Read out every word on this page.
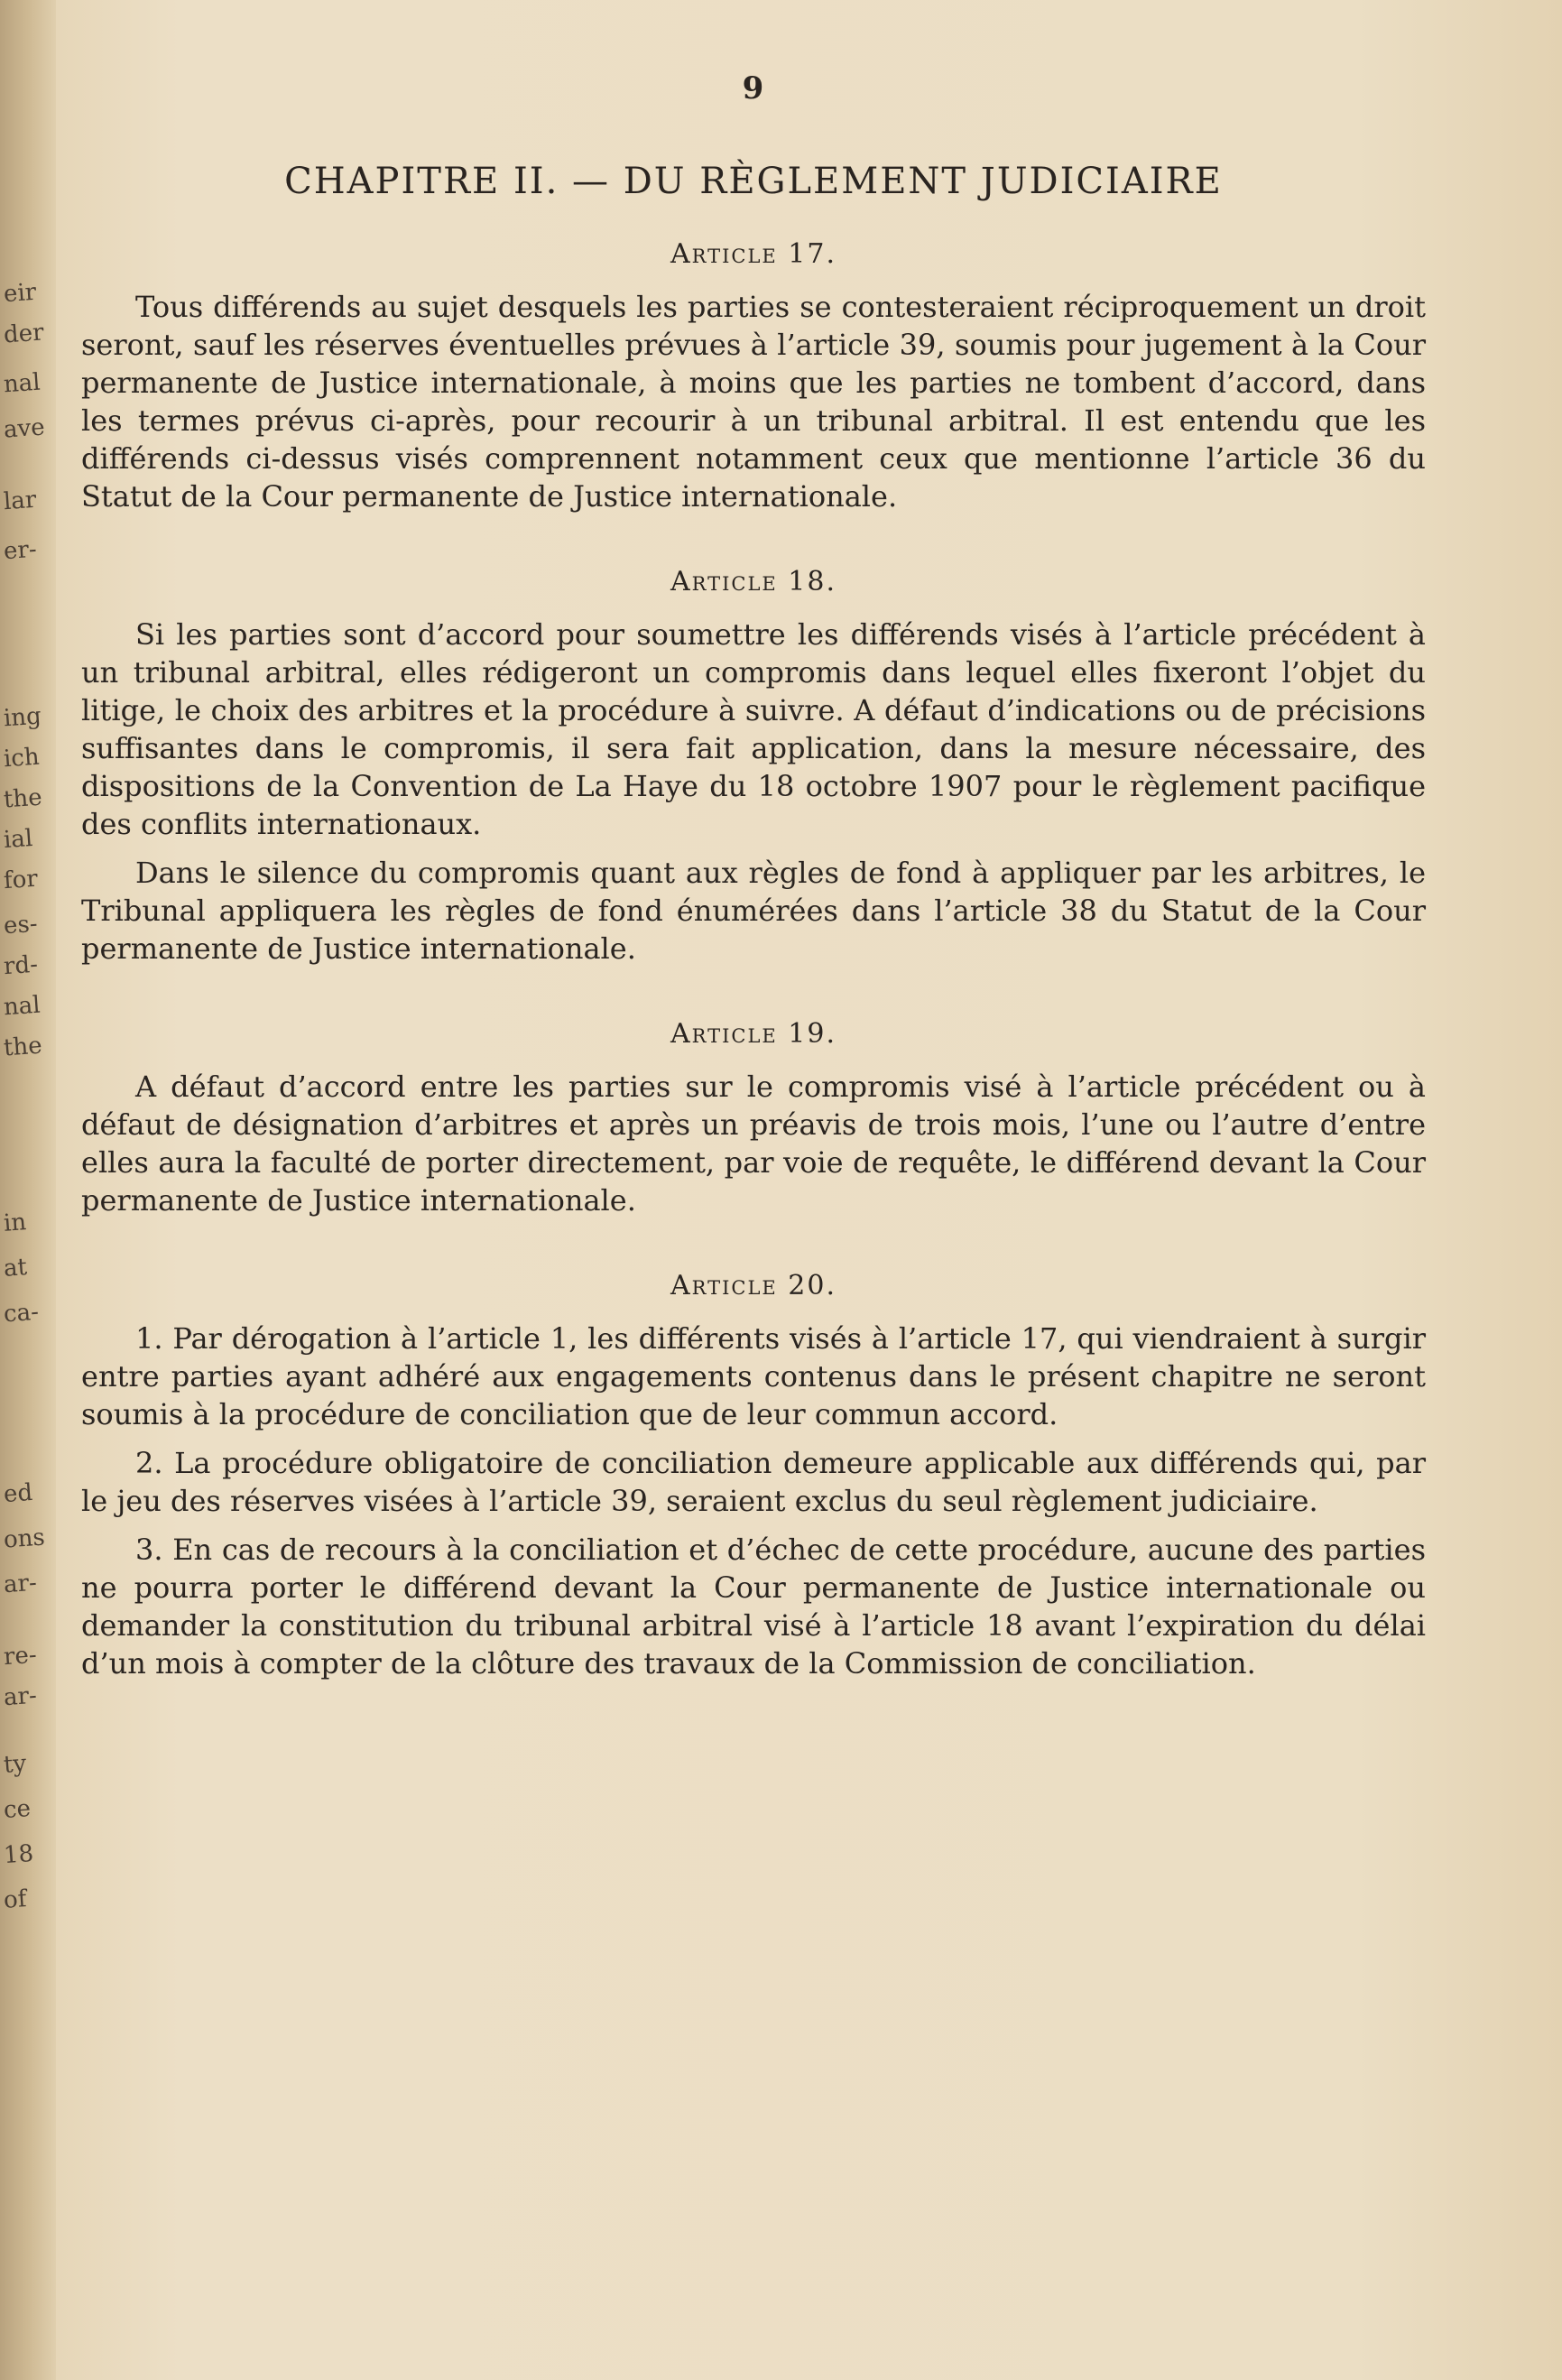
eir
der
nal
ave
lar
er-
ing
ich
the
ial
for
es-
rd-
nal
the
in
at
ca-
ed
ons
ar-
re-
ar-
ty
ce
18
of
9
CHAPITRE II. — DU RÈGLEMENT JUDICIAIRE
Article 17.

Tous différends au sujet desquels les parties se contesteraient réciproquement un droit seront, sauf les réserves éventuelles prévues à l’article 39, soumis pour jugement à la Cour permanente de Justice internationale, à moins que les parties ne tombent d’accord, dans les termes prévus ci-après, pour recourir à un tribunal arbitral. Il est entendu que les différends ci-dessus visés comprennent notamment ceux que mentionne l’article 36 du Statut de la Cour permanente de Justice internationale.

Article 18.

Si les parties sont d’accord pour soumettre les différends visés à l’article précédent à un tribunal arbitral, elles rédigeront un compromis dans lequel elles fixeront l’objet du litige, le choix des arbitres et la procédure à suivre. A défaut d’indications ou de précisions suffisantes dans le compromis, il sera fait application, dans la mesure nécessaire, des dispositions de la Convention de La Haye du 18 octobre 1907 pour le règlement pacifique des conflits internationaux.

Dans le silence du compromis quant aux règles de fond à appliquer par les arbitres, le Tribunal appliquera les règles de fond énumérées dans l’article 38 du Statut de la Cour permanente de Justice internationale.

Article 19.

A défaut d’accord entre les parties sur le compromis visé à l’article précédent ou à défaut de désignation d’arbitres et après un préavis de trois mois, l’une ou l’autre d’entre elles aura la faculté de porter directement, par voie de requête, le différend devant la Cour permanente de Justice internationale.

Article 20.

1. Par dérogation à l’article 1, les différents visés à l’article 17, qui viendraient à surgir entre parties ayant adhéré aux engagements contenus dans le présent chapitre ne seront soumis à la procédure de conciliation que de leur commun accord.

2. La procédure obligatoire de conciliation demeure applicable aux différends qui, par le jeu des réserves visées à l’article 39, seraient exclus du seul règlement judiciaire.

3. En cas de recours à la conciliation et d’échec de cette procédure, aucune des parties ne pourra porter le différend devant la Cour permanente de Justice internationale ou demander la constitution du tribunal arbitral visé à l’article 18 avant l’expiration du délai d’un mois à compter de la clôture des travaux de la Commission de conciliation.
